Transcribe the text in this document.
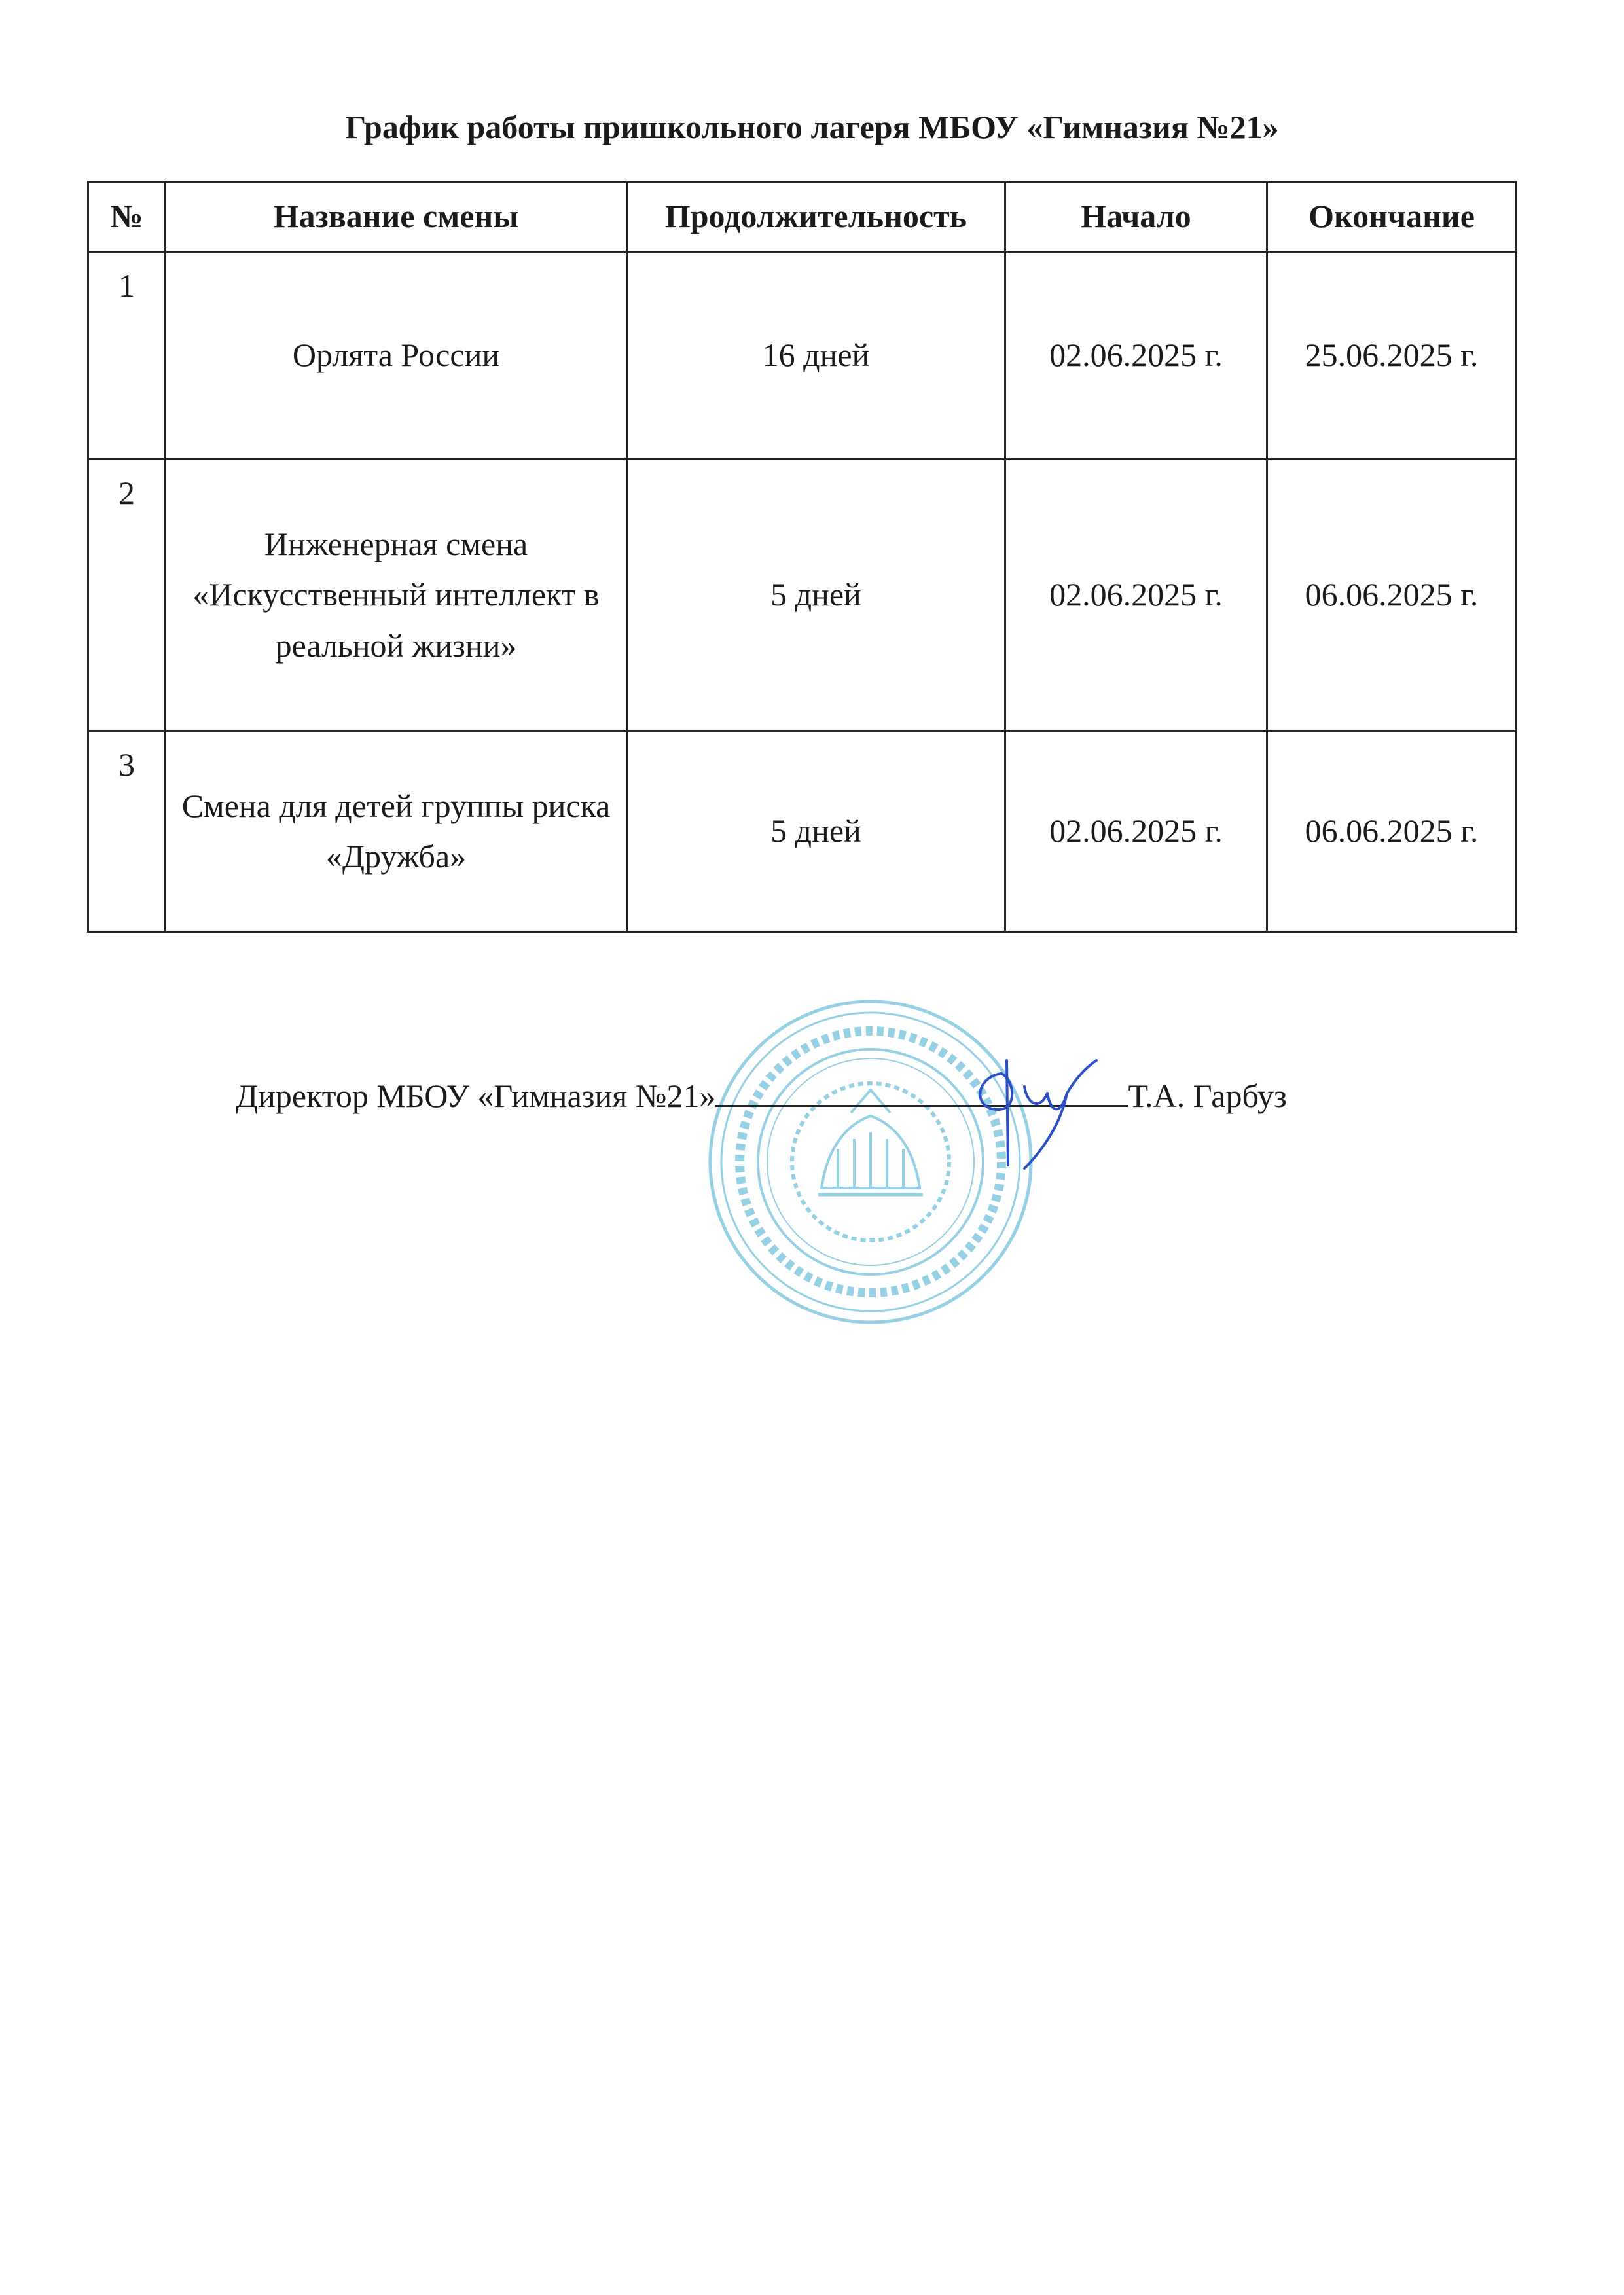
График работы пришкольного лагеря МБОУ «Гимназия №21»
№	Название смены	Продолжительность	Начало	Окончание
1	Орлята России	16 дней	02.06.2025 г.	25.06.2025 г.
2	Инженерная смена «Искусственный интеллект в реальной жизни»	5 дней	02.06.2025 г.	06.06.2025 г.
3	Смена для детей группы риска «Дружба»	5 дней	02.06.2025 г.	06.06.2025 г.
Директор МБОУ «Гимназия №21»	Т.А. Гарбуз
